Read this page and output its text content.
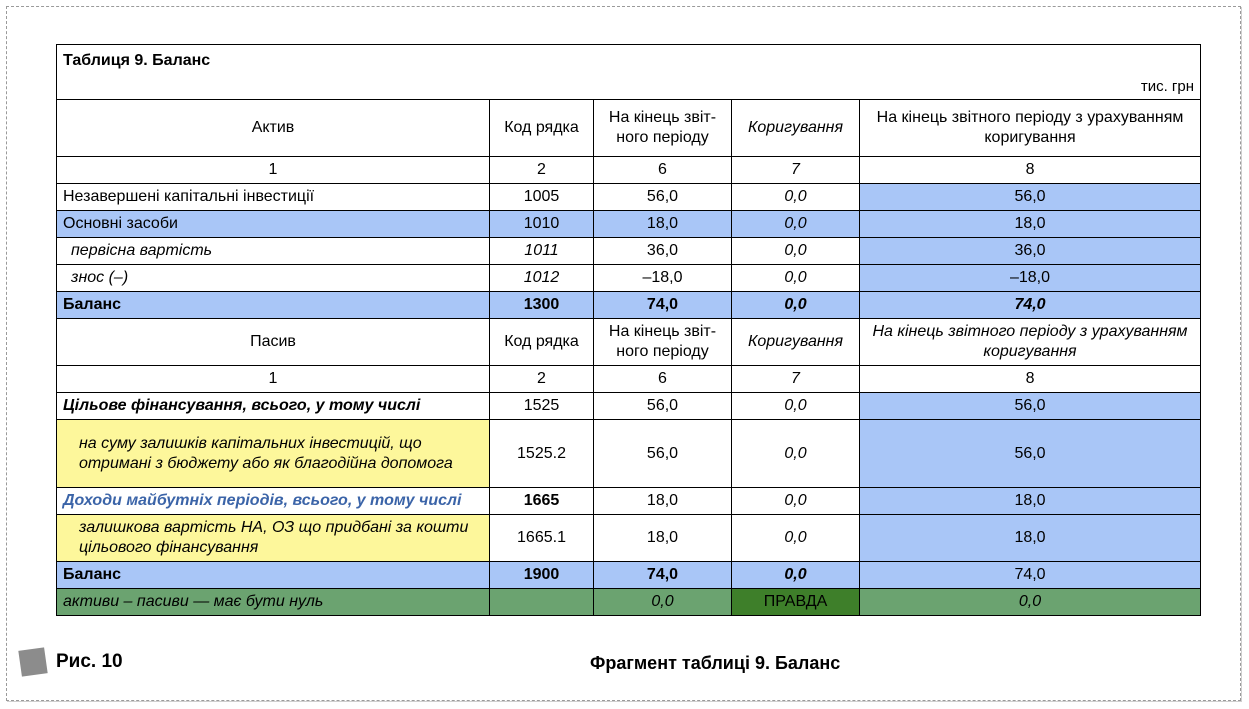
Таблиця 9. Баланс
тис. грн				

Актив	Код рядка	На кінець звіт-ного періоду	Коригування	На кінець звітного періоду з урахуванням коригування
1	2	6	7	8
Незавершені капітальні інвестиції	1005	56,0	0,0	56,0
Основні засоби	1010	18,0	0,0	18,0
первісна вартість	1011	36,0	0,0	36,0
знос (–)	1012	–18,0	0,0	–18,0
Баланс	1300	74,0	0,0	74,0
Пасив	Код рядка	На кінець звіт-ного періоду	Коригування	На кінець звітного періоду з урахуванням коригування
1	2	6	7	8
Цільове фінансування, всього, у тому числі	1525	56,0	0,0	56,0
на суму залишків капітальних інвестицій, що отримані з бюджету або як благодійна допомога	1525.2	56,0	0,0	56,0
Доходи майбутніх періодів, всього, у тому числі	1665	18,0	0,0	18,0
залишкова вартість НА, ОЗ що придбані за кошти цільового фінансування	1665.1	18,0	0,0	18,0
Баланс	1900	74,0	0,0	74,0
активи – пасиви — має бути нуль		0,0	ПРАВДА	0,0
Рис. 10	Фрагмент таблиці 9. Баланс
